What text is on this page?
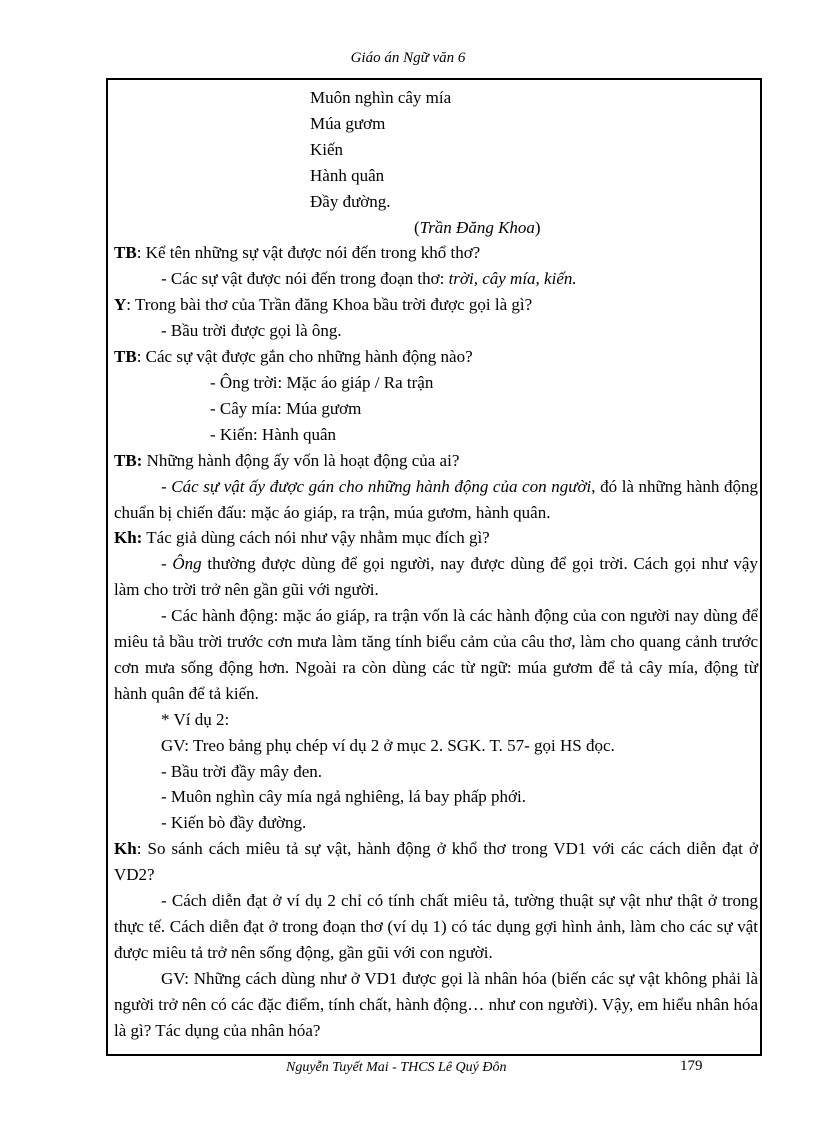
Giáo án Ngữ văn 6

Muôn nghìn cây mía

Múa gươm

Kiến

Hành quân

Đầy đường.

(Trần Đăng Khoa)

TB: Kể tên những sự vật được nói đến trong khổ thơ?

- Các sự vật được nói đến trong đoạn thơ: trời, cây mía, kiến.

Y: Trong bài thơ của Trần đăng Khoa bầu trời được gọi là gì?

- Bầu trời được gọi là ông.

TB: Các sự vật được gắn cho những hành động nào?

- Ông trời: Mặc áo giáp / Ra trận

- Cây mía: Múa gươm

- Kiến: Hành quân

TB: Những hành động ấy vốn là hoạt động của ai?

- Các sự vật ấy được gán cho những hành động của con người, đó là những hành động chuẩn bị chiến đấu: mặc áo giáp, ra trận, múa gươm, hành quân.

Kh: Tác giả dùng cách nói như vậy nhằm mục đích gì?

- Ông thường được dùng để gọi người, nay được dùng để gọi trời. Cách gọi như vậy làm cho trời trở nên gần gũi với người.

- Các hành động: mặc áo giáp, ra trận vốn là các hành động của con người nay dùng để miêu tả bầu trời trước cơn mưa làm tăng tính biểu cảm của câu thơ, làm cho quang cảnh trước cơn mưa sống động hơn. Ngoài ra còn dùng các từ ngữ: múa gươm để tả cây mía, động từ hành quân để tả kiến.

* Ví dụ 2:

GV: Treo bảng phụ chép ví dụ 2 ở mục 2. SGK. T. 57- gọi HS đọc.

- Bầu trời đầy mây đen.

- Muôn nghìn cây mía ngả nghiêng, lá bay phấp phới.

- Kiến bò đầy đường.

Kh: So sánh cách miêu tả sự vật, hành động ở khổ thơ trong VD1 với các cách diễn đạt ở VD2?

- Cách diễn đạt ở ví dụ 2 chỉ có tính chất miêu tả, tường thuật sự vật như thật ở trong thực tế. Cách diễn đạt ở trong đoạn thơ (ví dụ 1) có tác dụng gợi hình ảnh, làm cho các sự vật được miêu tả trở nên sống động, gần gũi với con người.

GV: Những cách dùng như ở VD1 được gọi là nhân hóa (biến các sự vật không phải là người trở nên có các đặc điểm, tính chất, hành động… như con người). Vậy, em hiểu nhân hóa là gì? Tác dụng của nhân hóa?

Nguyễn Tuyết Mai - THCS Lê Quý Đôn	179
